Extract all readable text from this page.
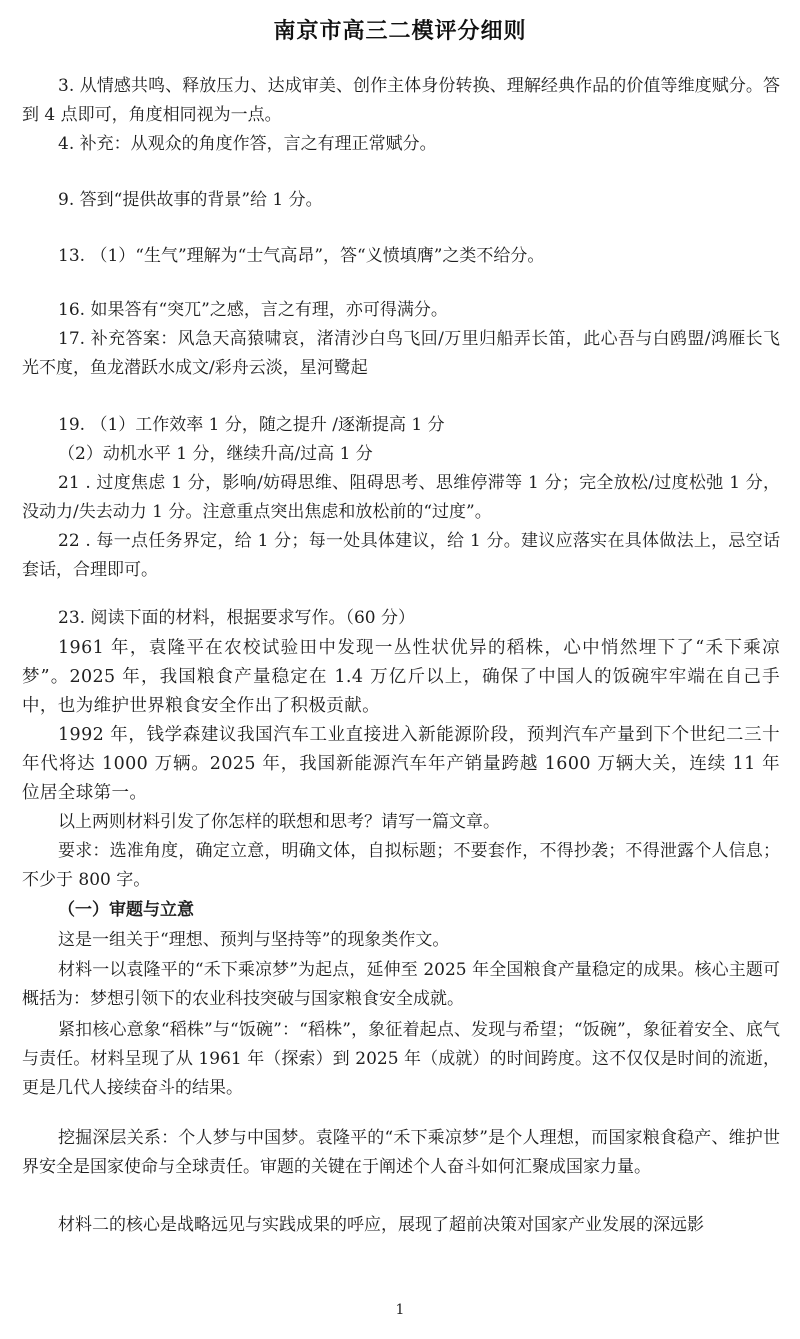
南京市高三二模评分细则
3. 从情感共鸣、释放压力、达成审美、创作主体身份转换、理解经典作品的价值等维度赋分。答到 4 点即可，角度相同视为一点。
4. 补充：从观众的角度作答，言之有理正常赋分。
9. 答到“提供故事的背景”给 1 分。
13. （1）“生气”理解为“士气高昂”，答“义愤填膺”之类不给分。
16. 如果答有“突兀”之感，言之有理，亦可得满分。
17. 补充答案：风急天高猿啸哀，渚清沙白鸟飞回/万里归船弄长笛，此心吾与白鸥盟/鸿雁长飞光不度，鱼龙潜跃水成文/彩舟云淡，星河鹭起
19. （1）工作效率 1 分，随之提升 /逐渐提高 1 分
（2）动机水平 1 分，继续升高/过高 1 分
21 . 过度焦虑 1 分，影响/妨碍思维、阻碍思考、思维停滞等 1 分；完全放松/过度松弛 1 分，没动力/失去动力 1 分。注意重点突出焦虑和放松前的“过度”。
22 . 每一点任务界定，给 1 分；每一处具体建议，给 1 分。建议应落实在具体做法上，忌空话套话，合理即可。
23. 阅读下面的材料，根据要求写作。（60 分）
1961 年，袁隆平在农校试验田中发现一丛性状优异的稻株，心中悄然埋下了“禾下乘凉梦”。2025 年，我国粮食产量稳定在 1.4 万亿斤以上，确保了中国人的饭碗牢牢端在自己手中，也为维护世界粮食安全作出了积极贡献。
1992 年，钱学森建议我国汽车工业直接进入新能源阶段，预判汽车产量到下个世纪二三十年代将达 1000 万辆。2025 年，我国新能源汽车年产销量跨越 1600 万辆大关，连续 11 年位居全球第一。
以上两则材料引发了你怎样的联想和思考？请写一篇文章。
要求：选准角度，确定立意，明确文体，自拟标题；不要套作，不得抄袭；不得泄露个人信息；不少于 800 字。
（一）审题与立意
这是一组关于“理想、预判与坚持等”的现象类作文。
材料一以袁隆平的“禾下乘凉梦”为起点，延伸至 2025 年全国粮食产量稳定的成果。核心主题可概括为：梦想引领下的农业科技突破与国家粮食安全成就。
紧扣核心意象“稻株”与“饭碗”：“稻株”，象征着起点、发现与希望；“饭碗”，象征着安全、底气与责任。材料呈现了从 1961 年（探索）到 2025 年（成就）的时间跨度。这不仅仅是时间的流逝，更是几代人接续奋斗的结果。
挖掘深层关系：个人梦与中国梦。袁隆平的“禾下乘凉梦”是个人理想，而国家粮食稳产、维护世界安全是国家使命与全球责任。审题的关键在于阐述个人奋斗如何汇聚成国家力量。
材料二的核心是战略远见与实践成果的呼应，展现了超前决策对国家产业发展的深远影
1
